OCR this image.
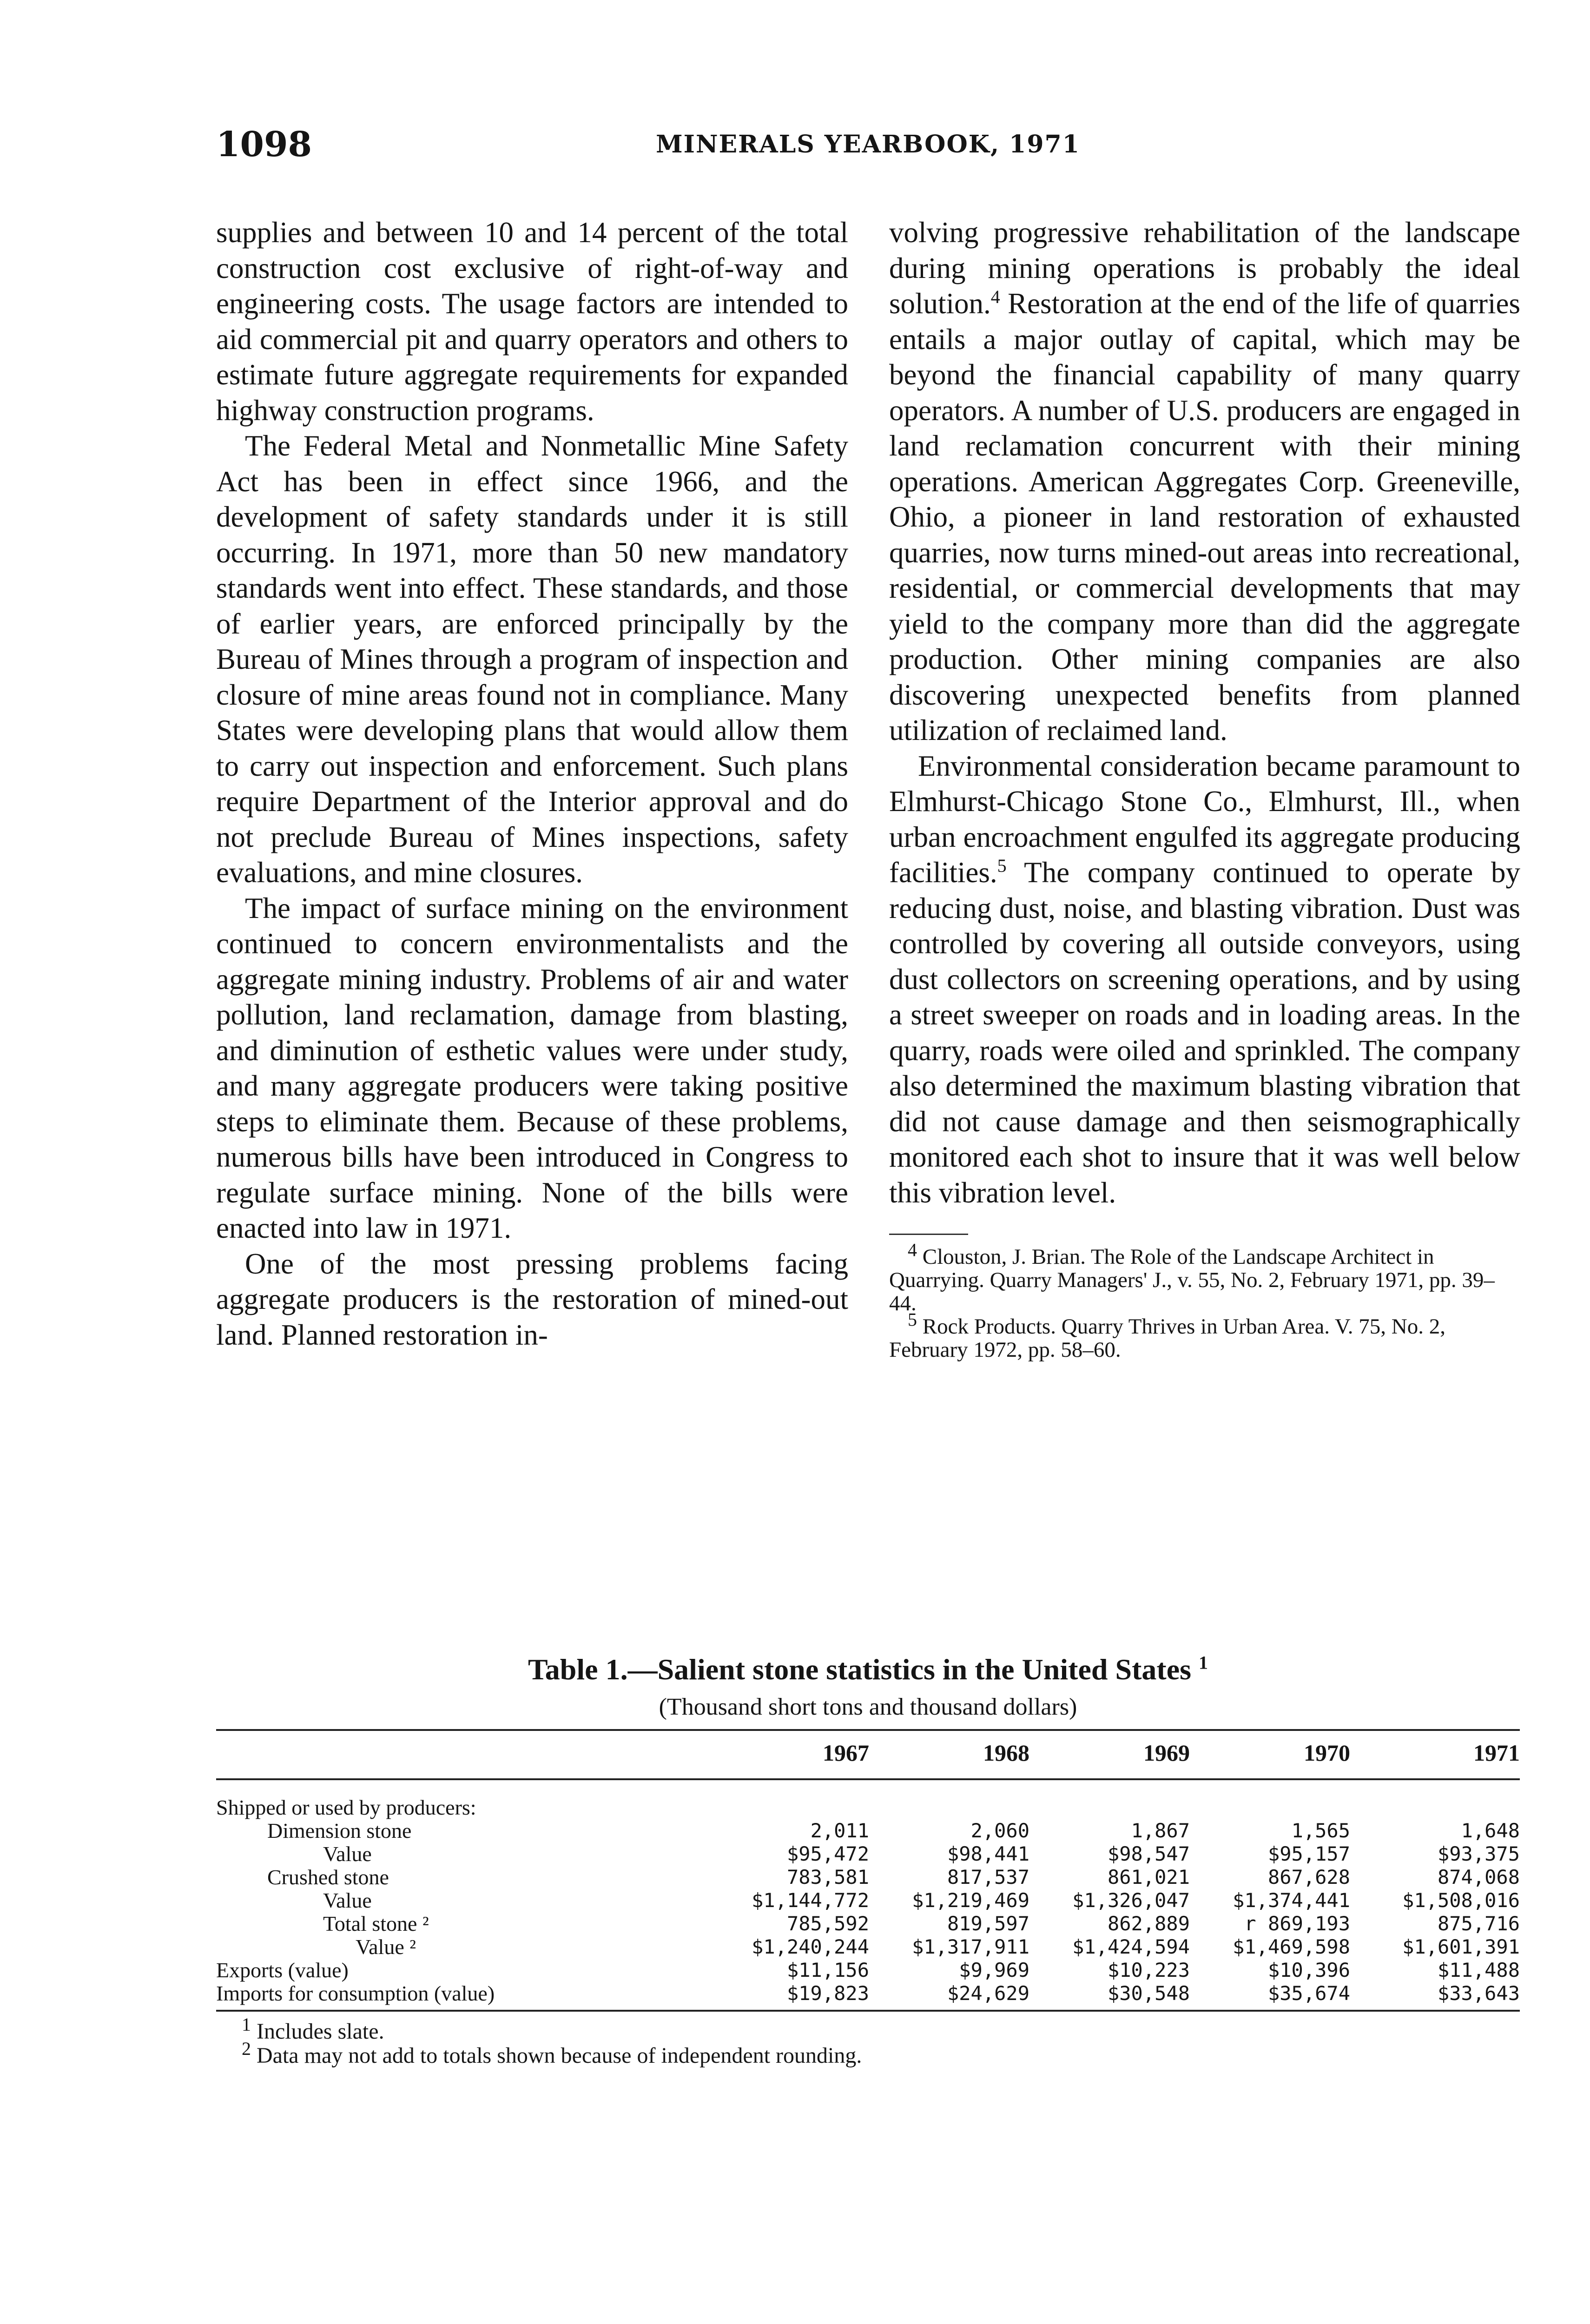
1098	MINERALS YEARBOOK, 1971

supplies and between 10 and 14 percent of the total construction cost exclusive of right-of-way and engineering costs. The usage factors are intended to aid commercial pit and quarry operators and others to estimate future aggregate requirements for expanded highway construction programs.

The Federal Metal and Nonmetallic Mine Safety Act has been in effect since 1966, and the development of safety standards under it is still occurring. In 1971, more than 50 new mandatory standards went into effect. These standards, and those of earlier years, are enforced principally by the Bureau of Mines through a program of inspection and closure of mine areas found not in compliance. Many States were developing plans that would allow them to carry out inspection and enforcement. Such plans require Department of the Interior approval and do not preclude Bureau of Mines inspections, safety evaluations, and mine closures.

The impact of surface mining on the environment continued to concern environmentalists and the aggregate mining industry. Problems of air and water pollution, land reclamation, damage from blasting, and diminution of esthetic values were under study, and many aggregate producers were taking positive steps to eliminate them. Because of these problems, numerous bills have been introduced in Congress to regulate surface mining. None of the bills were enacted into law in 1971.

One of the most pressing problems facing aggregate producers is the restoration of mined-out land. Planned restoration in-

volving progressive rehabilitation of the landscape during mining operations is probably the ideal solution.$^4$ Restoration at the end of the life of quarries entails a major outlay of capital, which may be beyond the financial capability of many quarry operators. A number of U.S. producers are engaged in land reclamation concurrent with their mining operations. American Aggregates Corp. Greeneville, Ohio, a pioneer in land restoration of exhausted quarries, now turns mined-out areas into recreational, residential, or commercial developments that may yield to the company more than did the aggregate production. Other mining companies are also discovering unexpected benefits from planned utilization of reclaimed land.

Environmental consideration became paramount to Elmhurst-Chicago Stone Co., Elmhurst, Ill., when urban encroachment engulfed its aggregate producing facilities.$^5$ The company continued to operate by reducing dust, noise, and blasting vibration. Dust was controlled by covering all outside conveyors, using dust collectors on screening operations, and by using a street sweeper on roads and in loading areas. In the quarry, roads were oiled and sprinkled. The company also determined the maximum blasting vibration that did not cause damage and then seismographically monitored each shot to insure that it was well below this vibration level.

$^4$ Clouston, J. Brian. The Role of the Landscape Architect in Quarrying. Quarry Managers' J., v. 55, No. 2, February 1971, pp. 39–44.
$^5$ Rock Products. Quarry Thrives in Urban Area. V. 75, No. 2, February 1972, pp. 58–60.
Table 1.—Salient stone statistics in the United States $^1$
(Thousand short tons and thousand dollars)
	1967	1968	1969	1970	1971

Shipped or used by producers:					
Dimension stone	2,011	2,060	1,867	1,565	1,648
Value	$95,472	$98,441	$98,547	$95,157	$93,375
Crushed stone	783,581	817,537	861,021	867,628	874,068
Value	$1,144,772	$1,219,469	$1,326,047	$1,374,441	$1,508,016
Total stone ²	785,592	819,597	862,889	r 869,193	875,716
Value ²	$1,240,244	$1,317,911	$1,424,594	$1,469,598	$1,601,391
Exports (value)	$11,156	$9,969	$10,223	$10,396	$11,488
Imports for consumption (value)	$19,823	$24,629	$30,548	$35,674	$33,643
$^1$ Includes slate.
$^2$ Data may not add to totals shown because of independent rounding.
